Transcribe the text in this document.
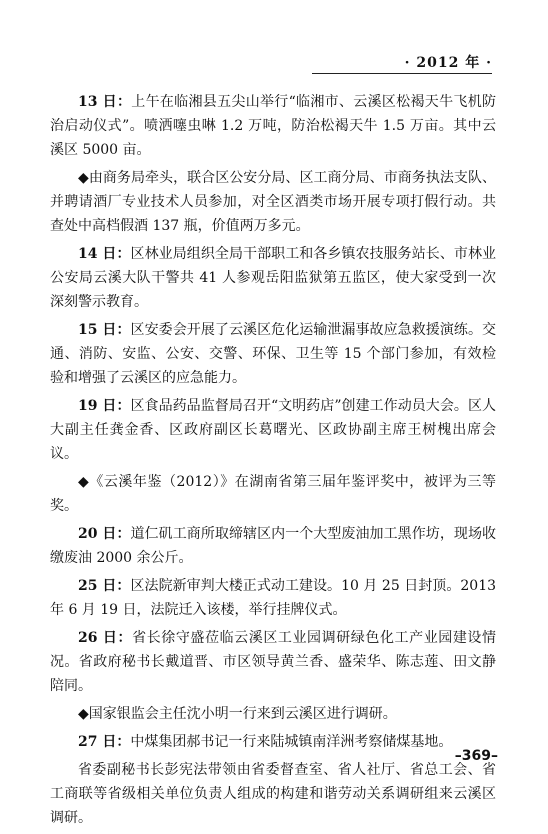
· 2012 年 ·

13 日：上午在临湘县五尖山举行“临湘市、云溪区松褐天牛飞机防治启动仪式”。喷洒噻虫啉 1.2 万吨，防治松褐天牛 1.5 万亩。其中云溪区 5000 亩。

◆由商务局牵头，联合区公安分局、区工商分局、市商务执法支队、并聘请酒厂专业技术人员参加，对全区酒类市场开展专项打假行动。共查处中高档假酒 137 瓶，价值两万多元。

14 日：区林业局组织全局干部职工和各乡镇农技服务站长、市林业公安局云溪大队干警共 41 人参观岳阳监狱第五监区，使大家受到一次深刻警示教育。

15 日：区安委会开展了云溪区危化运输泄漏事故应急救援演练。交通、消防、安监、公安、交警、环保、卫生等 15 个部门参加，有效检验和增强了云溪区的应急能力。

19 日：区食品药品监督局召开“文明药店”创建工作动员大会。区人大副主任龚金香、区政府副区长葛曙光、区政协副主席王树槐出席会议。

◆《云溪年鉴（2012）》在湖南省第三届年鉴评奖中，被评为三等奖。

20 日：道仁矶工商所取缔辖区内一个大型废油加工黑作坊，现场收缴废油 2000 余公斤。

25 日：区法院新审判大楼正式动工建设。10 月 25 日封顶。2013 年 6 月 19 日，法院迁入该楼，举行挂牌仪式。

26 日：省长徐守盛莅临云溪区工业园调研绿色化工产业园建设情况。省政府秘书长戴道晋、市区领导黄兰香、盛荣华、陈志莲、田文静陪同。

◆国家银监会主任沈小明一行来到云溪区进行调研。

27 日：中煤集团郝书记一行来陆城镇南洋洲考察储煤基地。

省委副秘书长彭宪法带领由省委督查室、省人社厅、省总工会、省工商联等省级相关单位负责人组成的构建和谐劳动关系调研组来云溪区调研。

–369–
